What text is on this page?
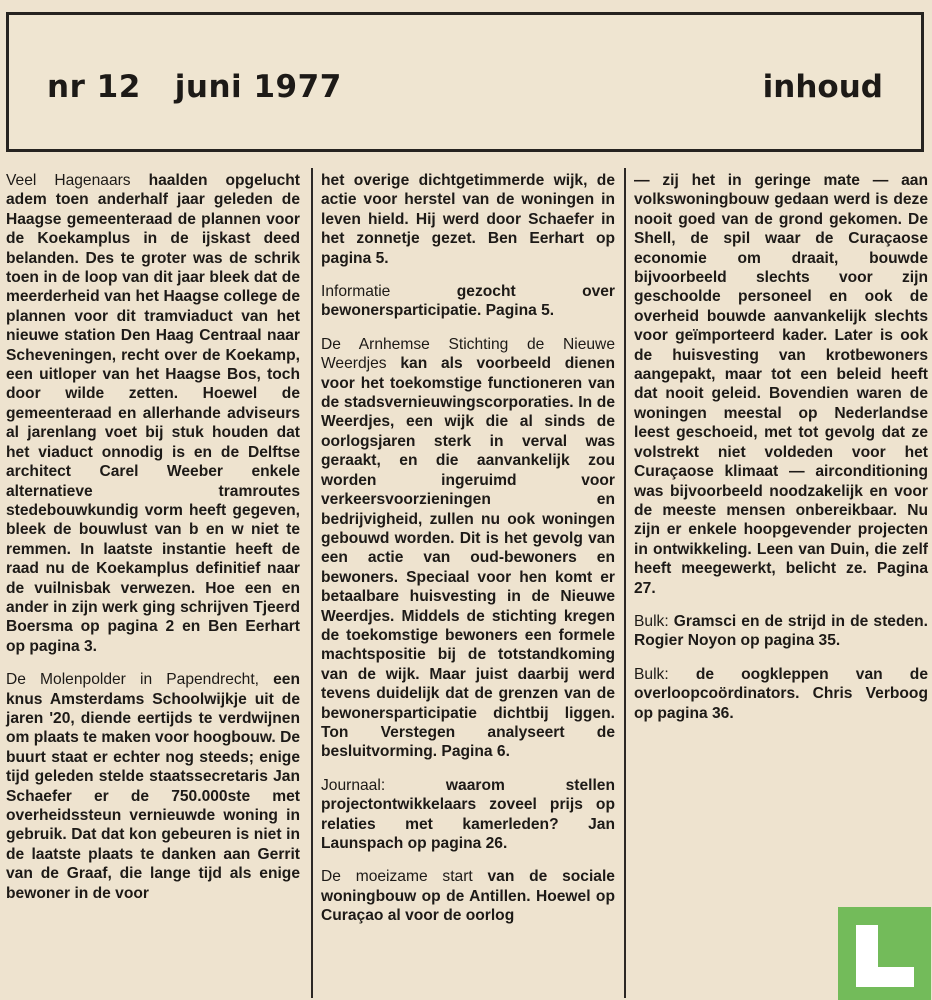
nr 12 juni 1977	inhoud

Veel Hagenaars haalden opgelucht adem toen anderhalf jaar geleden de Haagse gemeenteraad de plannen voor de Koekamplus in de ijskast deed belanden. Des te groter was de schrik toen in de loop van dit jaar bleek dat de meerderheid van het Haagse college de plannen voor dit tramviaduct van het nieuwe station Den Haag Centraal naar Scheveningen, recht over de Koekamp, een uitloper van het Haagse Bos, toch door wilde zetten. Hoewel de gemeenteraad en allerhande adviseurs al jarenlang voet bij stuk houden dat het viaduct onnodig is en de Delftse architect Carel Weeber enkele alternatieve tramroutes stedebouwkundig vorm heeft gegeven, bleek de bouwlust van b en w niet te remmen. In laatste instantie heeft de raad nu de Koekamplus definitief naar de vuilnisbak verwezen. Hoe een en ander in zijn werk ging schrijven Tjeerd Boersma op pagina 2 en Ben Eerhart op pagina 3.

De Molenpolder in Papendrecht, een knus Amsterdams Schoolwijkje uit de jaren '20, diende eertijds te verdwijnen om plaats te maken voor hoogbouw. De buurt staat er echter nog steeds; enige tijd geleden stelde staatssecretaris Jan Schaefer er de 750.000ste met overheidssteun vernieuwde woning in gebruik. Dat dat kon gebeuren is niet in de laatste plaats te danken aan Gerrit van de Graaf, die lange tijd als enige bewoner in de voor

het overige dichtgetimmerde wijk, de actie voor herstel van de woningen in leven hield. Hij werd door Schaefer in het zonnetje gezet. Ben Eerhart op pagina 5.

Informatie gezocht over bewonersparticipatie. Pagina 5.

De Arnhemse Stichting de Nieuwe Weerdjes kan als voorbeeld dienen voor het toekomstige functioneren van de stadsvernieuwingscorporaties. In de Weerdjes, een wijk die al sinds de oorlogsjaren sterk in verval was geraakt, en die aanvankelijk zou worden ingeruimd voor verkeersvoorzieningen en bedrijvigheid, zullen nu ook woningen gebouwd worden. Dit is het gevolg van een actie van oud-bewoners en bewoners. Speciaal voor hen komt er betaalbare huisvesting in de Nieuwe Weerdjes. Middels de stichting kregen de toekomstige bewoners een formele machtspositie bij de totstandkoming van de wijk. Maar juist daarbij werd tevens duidelijk dat de grenzen van de bewonersparticipatie dichtbij liggen. Ton Verstegen analyseert de besluitvorming. Pagina 6.

Journaal: waarom stellen projectontwikkelaars zoveel prijs op relaties met kamerleden? Jan Launspach op pagina 26.

De moeizame start van de sociale woningbouw op de Antillen. Hoewel op Curaçao al voor de oorlog

— zij het in geringe mate — aan volkswoningbouw gedaan werd is deze nooit goed van de grond gekomen. De Shell, de spil waar de Curaçaose economie om draait, bouwde bijvoorbeeld slechts voor zijn geschoolde personeel en ook de overheid bouwde aanvankelijk slechts voor geïmporteerd kader. Later is ook de huisvesting van krotbewoners aangepakt, maar tot een beleid heeft dat nooit geleid. Bovendien waren de woningen meestal op Nederlandse leest geschoeid, met tot gevolg dat ze volstrekt niet voldeden voor het Curaçaose klimaat — airconditioning was bijvoorbeeld noodzakelijk en voor de meeste mensen onbereikbaar. Nu zijn er enkele hoopgevender projecten in ontwikkeling. Leen van Duin, die zelf heeft meegewerkt, belicht ze. Pagina 27.

Bulk: Gramsci en de strijd in de steden. Rogier Noyon op pagina 35.

Bulk: de oogkleppen van de overloopcoördinators. Chris Verboog op pagina 36.
